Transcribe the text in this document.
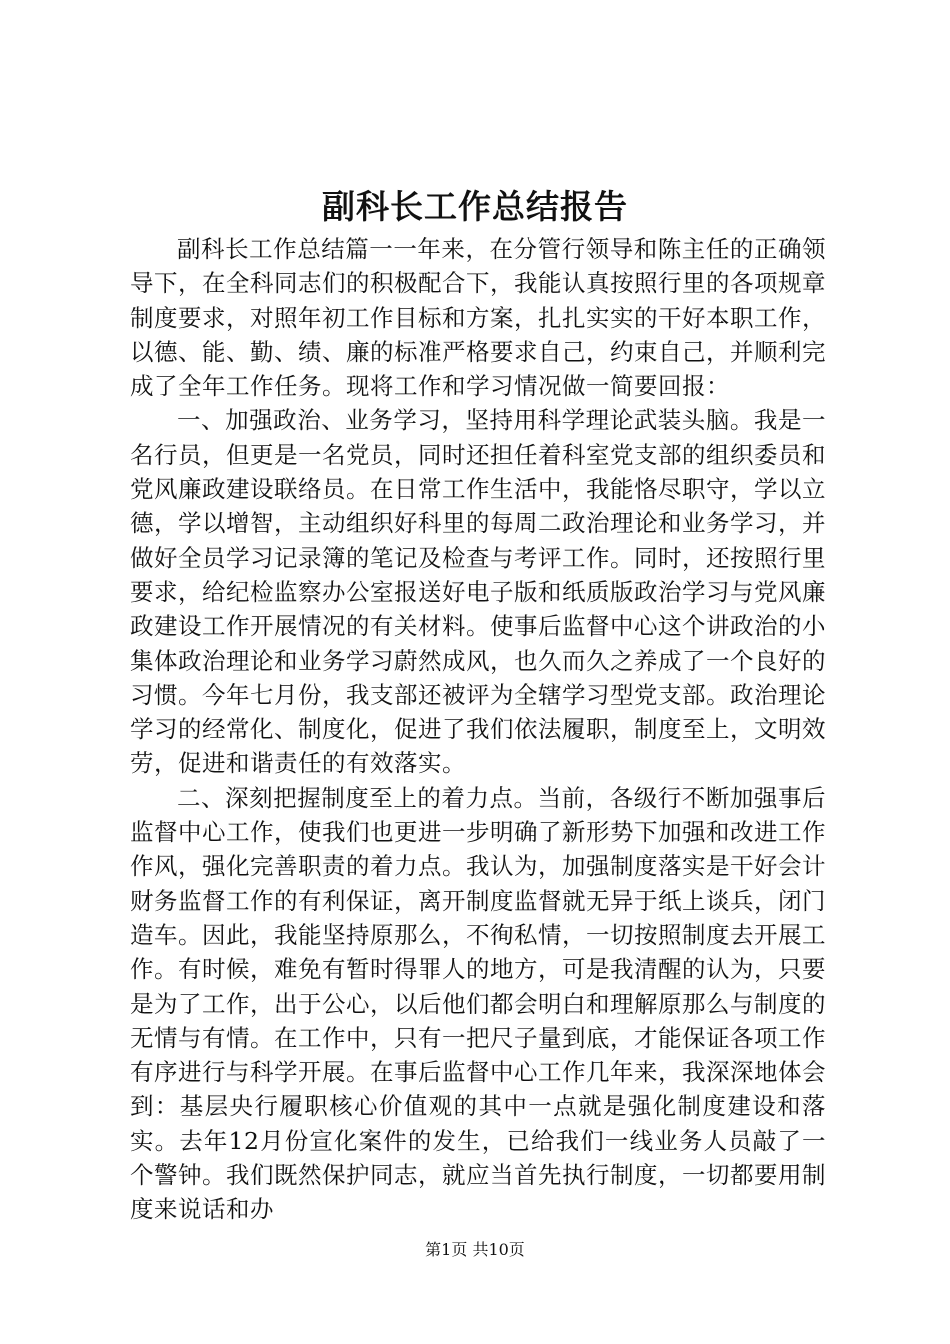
副科长工作总结报告

副科长工作总结篇一一年来，在分管行领导和陈主任的正确领导下，在全科同志们的积极配合下，我能认真按照行里的各项规章制度要求，对照年初工作目标和方案，扎扎实实的干好本职工作，以德、能、勤、绩、廉的标准严格要求自己，约束自己，并顺利完成了全年工作任务。现将工作和学习情况做一简要回报：

一、加强政治、业务学习，坚持用科学理论武装头脑。我是一名行员，但更是一名党员，同时还担任着科室党支部的组织委员和党风廉政建设联络员。在日常工作生活中，我能恪尽职守，学以立德，学以增智，主动组织好科里的每周二政治理论和业务学习，并做好全员学习记录簿的笔记及检查与考评工作。同时，还按照行里要求，给纪检监察办公室报送好电子版和纸质版政治学习与党风廉政建设工作开展情况的有关材料。使事后监督中心这个讲政治的小集体政治理论和业务学习蔚然成风，也久而久之养成了一个良好的习惯。今年七月份，我支部还被评为全辖学习型党支部。政治理论学习的经常化、制度化，促进了我们依法履职，制度至上，文明效劳，促进和谐责任的有效落实。

二、深刻把握制度至上的着力点。当前，各级行不断加强事后监督中心工作，使我们也更进一步明确了新形势下加强和改进工作作风，强化完善职责的着力点。我认为，加强制度落实是干好会计财务监督工作的有利保证，离开制度监督就无异于纸上谈兵，闭门造车。因此，我能坚持原那么，不徇私情，一切按照制度去开展工作。有时候，难免有暂时得罪人的地方，可是我清醒的认为，只要是为了工作，出于公心，以后他们都会明白和理解原那么与制度的无情与有情。在工作中，只有一把尺子量到底，才能保证各项工作有序进行与科学开展。在事后监督中心工作几年来，我深深地体会到：基层央行履职核心价值观的其中一点就是强化制度建设和落实。去年12月份宣化案件的发生，已给我们一线业务人员敲了一个警钟。我们既然保护同志，就应当首先执行制度，一切都要用制度来说话和办

第1页 共10页
